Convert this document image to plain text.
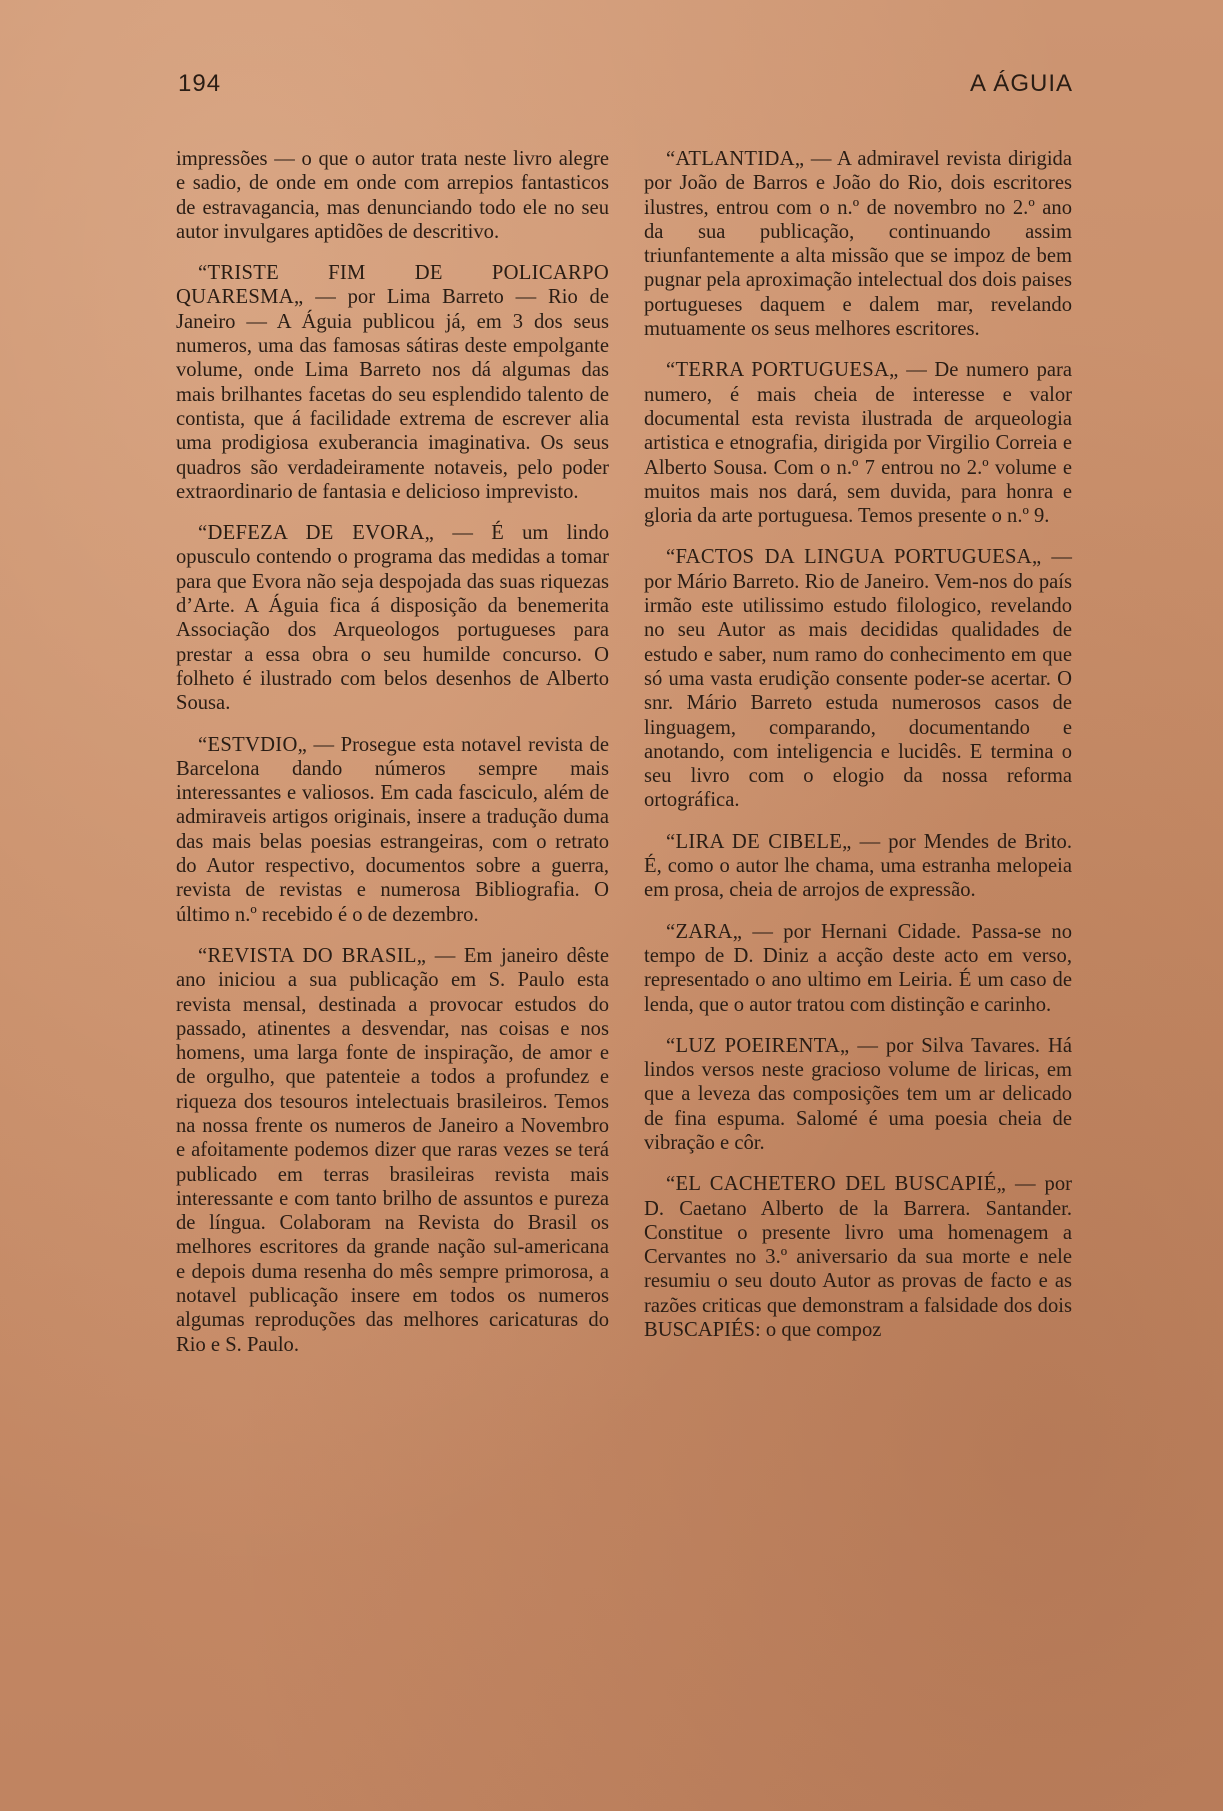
194	A ÁGUIA

impressões — o que o autor trata neste livro alegre e sadio, de onde em onde com arrepios fantasticos de estravagancia, mas denunciando todo ele no seu autor invulgares aptidões de descritivo.

“TRISTE FIM DE POLICARPO QUARESMA„ — por Lima Barreto — Rio de Janeiro — A Águia publicou já, em 3 dos seus numeros, uma das famosas sátiras deste empolgante volume, onde Lima Barreto nos dá algumas das mais brilhantes facetas do seu esplendido talento de contista, que á facilidade extrema de escrever alia uma prodigiosa exuberancia imaginativa. Os seus quadros são verdadeiramente notaveis, pelo poder extraordinario de fantasia e delicioso imprevisto.

“DEFEZA DE EVORA„ — É um lindo opusculo contendo o programa das medidas a tomar para que Evora não seja despojada das suas riquezas d’Arte. A Águia fica á disposição da benemerita Associação dos Arqueologos portugueses para prestar a essa obra o seu humilde concurso. O folheto é ilustrado com belos desenhos de Alberto Sousa.

“ESTVDIO„ — Prosegue esta notavel revista de Barcelona dando números sempre mais interessantes e valiosos. Em cada fasciculo, além de admiraveis artigos originais, insere a tradução duma das mais belas poesias estrangeiras, com o retrato do Autor respectivo, documentos sobre a guerra, revista de revistas e numerosa Bibliografia. O último n.º recebido é o de dezembro.

“REVISTA DO BRASIL„ — Em janeiro dêste ano iniciou a sua publicação em S. Paulo esta revista mensal, destinada a provocar estudos do passado, atinentes a desvendar, nas coisas e nos homens, uma larga fonte de inspiração, de amor e de orgulho, que patenteie a todos a profundez e riqueza dos tesouros intelectuais brasileiros. Temos na nossa frente os numeros de Janeiro a Novembro e afoitamente podemos dizer que raras vezes se terá publicado em terras brasileiras revista mais interessante e com tanto brilho de assuntos e pureza de língua. Colaboram na Revista do Brasil os melhores escritores da grande nação sul-americana e depois duma resenha do mês sempre primorosa, a notavel publicação insere em todos os numeros algumas reproduções das melhores caricaturas do Rio e S. Paulo.

“ATLANTIDA„ — A admiravel revista dirigida por João de Barros e João do Rio, dois escritores ilustres, entrou com o n.º de novembro no 2.º ano da sua publicação, continuando assim triunfantemente a alta missão que se impoz de bem pugnar pela aproximação intelectual dos dois paises portugueses daquem e dalem mar, revelando mutuamente os seus melhores escritores.

“TERRA PORTUGUESA„ — De numero para numero, é mais cheia de interesse e valor documental esta revista ilustrada de arqueologia artistica e etnografia, dirigida por Virgilio Correia e Alberto Sousa. Com o n.º 7 entrou no 2.º volume e muitos mais nos dará, sem duvida, para honra e gloria da arte portuguesa. Temos presente o n.º 9.

“FACTOS DA LINGUA PORTUGUESA„ — por Mário Barreto. Rio de Janeiro. Vem-nos do país irmão este utilissimo estudo filologico, revelando no seu Autor as mais decididas qualidades de estudo e saber, num ramo do conhecimento em que só uma vasta erudição consente poder-se acertar. O snr. Mário Barreto estuda numerosos casos de linguagem, comparando, documentando e anotando, com inteligencia e lucidês. E termina o seu livro com o elogio da nossa reforma ortográfica.

“LIRA DE CIBELE„ — por Mendes de Brito. É, como o autor lhe chama, uma estranha melopeia em prosa, cheia de arrojos de expressão.

“ZARA„ — por Hernani Cidade. Passa-se no tempo de D. Diniz a acção deste acto em verso, representado o ano ultimo em Leiria. É um caso de lenda, que o autor tratou com distinção e carinho.

“LUZ POEIRENTA„ — por Silva Tavares. Há lindos versos neste gracioso volume de liricas, em que a leveza das composições tem um ar delicado de fina espuma. Salomé é uma poesia cheia de vibração e côr.

“EL CACHETERO DEL BUSCAPIÉ„ — por D. Caetano Alberto de la Barrera. Santander. Constitue o presente livro uma homenagem a Cervantes no 3.º aniversario da sua morte e nele resumiu o seu douto Autor as provas de facto e as razões criticas que demonstram a falsidade dos dois BUSCAPIÉS: o que compoz
